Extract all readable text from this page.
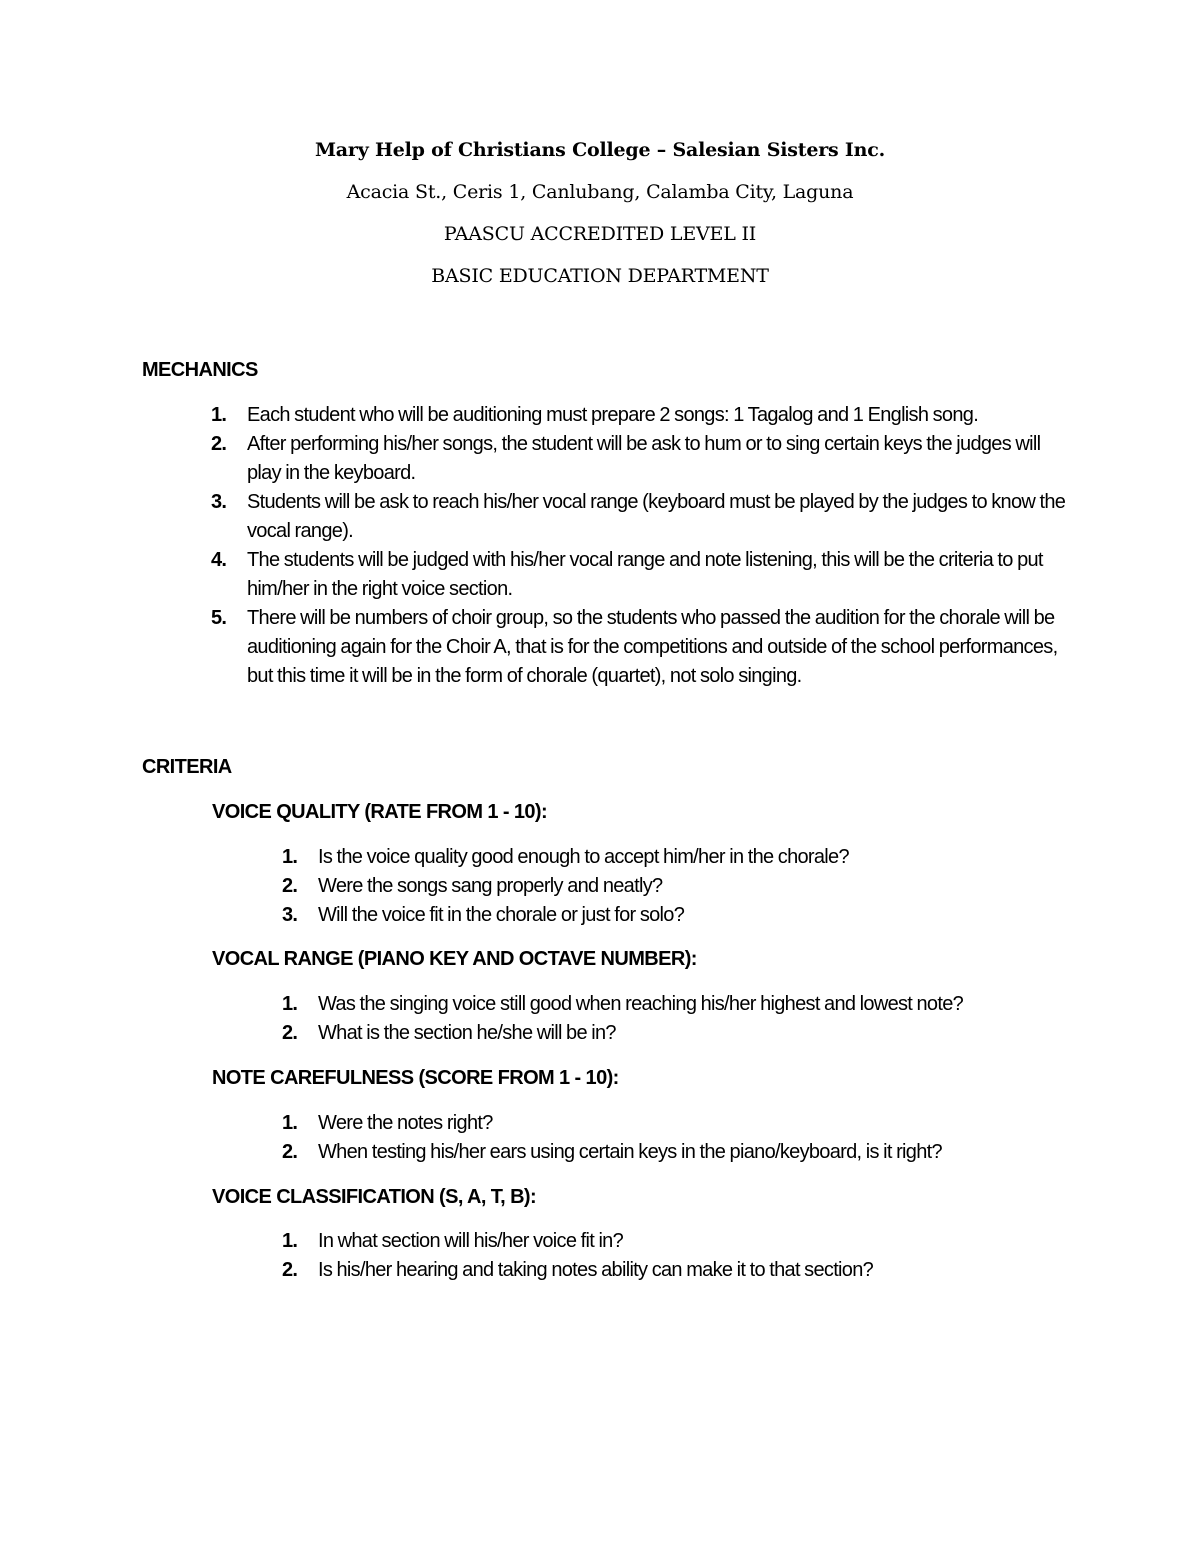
Mary Help of Christians College – Salesian Sisters Inc.
Acacia St., Ceris 1, Canlubang, Calamba City, Laguna
PAASCU ACCREDITED LEVEL II
BASIC EDUCATION DEPARTMENT
MECHANICS
1.	Each student who will be auditioning must prepare 2 songs: 1 Tagalog and 1 English song.
2.	After performing his/her songs, the student will be ask to hum or to sing certain keys the judges will play in the keyboard.
3.	Students will be ask to reach his/her vocal range (keyboard must be played by the judges to know the vocal range).
4.	The students will be judged with his/her vocal range and note listening, this will be the criteria to put him/her in the right voice section.
5.	There will be numbers of choir group, so the students who passed the audition for the chorale will be auditioning again for the Choir A, that is for the competitions and outside of the school performances, but this time it will be in the form of chorale (quartet), not solo singing.
CRITERIA
VOICE QUALITY (RATE FROM 1 - 10):
1.	Is the voice quality good enough to accept him/her in the chorale?
2.	Were the songs sang properly and neatly?
3.	Will the voice fit in the chorale or just for solo?
VOCAL RANGE (PIANO KEY AND OCTAVE NUMBER):
1.	Was the singing voice still good when reaching his/her highest and lowest note?
2.	What is the section he/she will be in?
NOTE CAREFULNESS (SCORE FROM 1 - 10):
1.	Were the notes right?
2.	When testing his/her ears using certain keys in the piano/keyboard, is it right?
VOICE CLASSIFICATION (S, A, T, B):
1.	In what section will his/her voice fit in?
2.	Is his/her hearing and taking notes ability can make it to that section?
